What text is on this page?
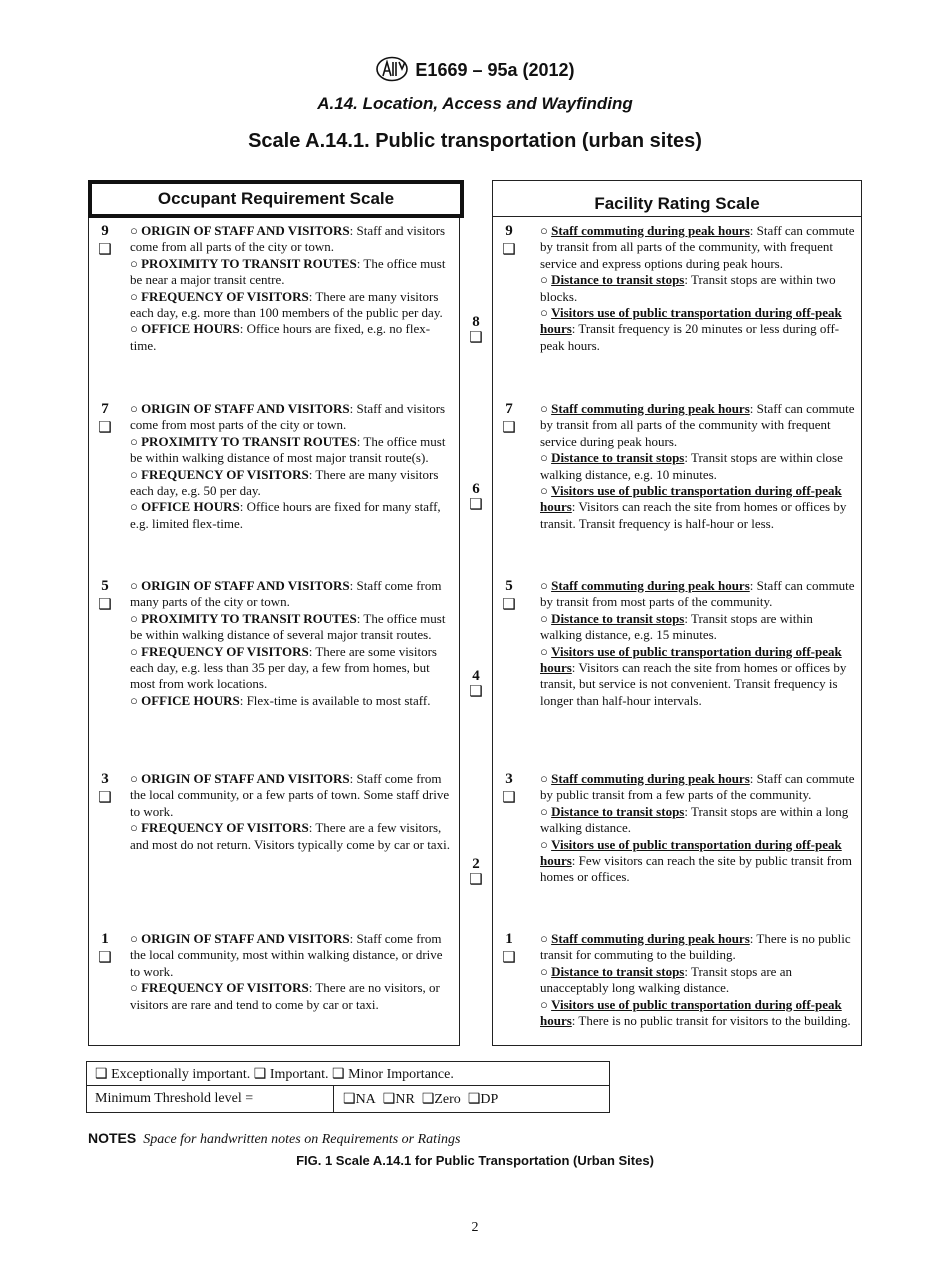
E1669 – 95a (2012)
A.14. Location, Access and Wayfinding
Scale A.14.1. Public transportation (urban sites)
Occupant Requirement Scale	Facility Rating Scale
9
❑
○ ORIGIN OF STAFF AND VISITORS: Staff and visitors come from all parts of the city or town.
○ PROXIMITY TO TRANSIT ROUTES: The office must be near a major transit centre.
○ FREQUENCY OF VISITORS: There are many visitors each day, e.g. more than 100 members of the public per day.
○ OFFICE HOURS: Office hours are fixed, e.g. no flex-time.
7
❑
○ ORIGIN OF STAFF AND VISITORS: Staff and visitors come from most parts of the city or town.
○ PROXIMITY TO TRANSIT ROUTES: The office must be within walking distance of most major transit route(s).
○ FREQUENCY OF VISITORS: There are many visitors each day, e.g. 50 per day.
○ OFFICE HOURS: Office hours are fixed for many staff, e.g. limited flex-time.
5
❑
○ ORIGIN OF STAFF AND VISITORS: Staff come from many parts of the city or town.
○ PROXIMITY TO TRANSIT ROUTES: The office must be within walking distance of several major transit routes.
○ FREQUENCY OF VISITORS: There are some visitors each day, e.g. less than 35 per day, a few from homes, but most from work locations.
○ OFFICE HOURS: Flex-time is available to most staff.
3
❑
○ ORIGIN OF STAFF AND VISITORS: Staff come from the local community, or a few parts of town. Some staff drive to work.
○ FREQUENCY OF VISITORS: There are a few visitors, and most do not return. Visitors typically come by car or taxi.
1
❑
○ ORIGIN OF STAFF AND VISITORS: Staff come from the local community, most within walking distance, or drive to work.
○ FREQUENCY OF VISITORS: There are no visitors, or visitors are rare and tend to come by car or taxi.
8
❑
6
❑
4
❑
2
❑
9
❑
○ Staff commuting during peak hours: Staff can commute by transit from all parts of the community, with frequent service and express options during peak hours.
○ Distance to transit stops: Transit stops are within two blocks.
○ Visitors use of public transportation during off-peak hours: Transit frequency is 20 minutes or less during off-peak hours.
7
❑
○ Staff commuting during peak hours: Staff can commute by transit from all parts of the community with frequent service during peak hours.
○ Distance to transit stops: Transit stops are within close walking distance, e.g. 10 minutes.
○ Visitors use of public transportation during off-peak hours: Visitors can reach the site from homes or offices by transit. Transit frequency is half-hour or less.
5
❑
○ Staff commuting during peak hours: Staff can commute by transit from most parts of the community.
○ Distance to transit stops: Transit stops are within walking distance, e.g. 15 minutes.
○ Visitors use of public transportation during off-peak hours: Visitors can reach the site from homes or offices by transit, but service is not convenient. Transit frequency is longer than half-hour intervals.
3
❑
○ Staff commuting during peak hours: Staff can commute by public transit from a few parts of the community.
○ Distance to transit stops: Transit stops are within a long walking distance.
○ Visitors use of public transportation during off-peak hours: Few visitors can reach the site by public transit from homes or offices.
1
❑
○ Staff commuting during peak hours: There is no public transit for commuting to the building.
○ Distance to transit stops: Transit stops are an unacceptably long walking distance.
○ Visitors use of public transportation during off-peak hours: There is no public transit for visitors to the building.
❑ Exceptionally important. ❑ Important. ❑ Minor Importance.
Minimum Threshold level =	❑NA ❑NR ❑Zero ❑DP
NOTES Space for handwritten notes on Requirements or Ratings
FIG. 1 Scale A.14.1 for Public Transportation (Urban Sites)
2
